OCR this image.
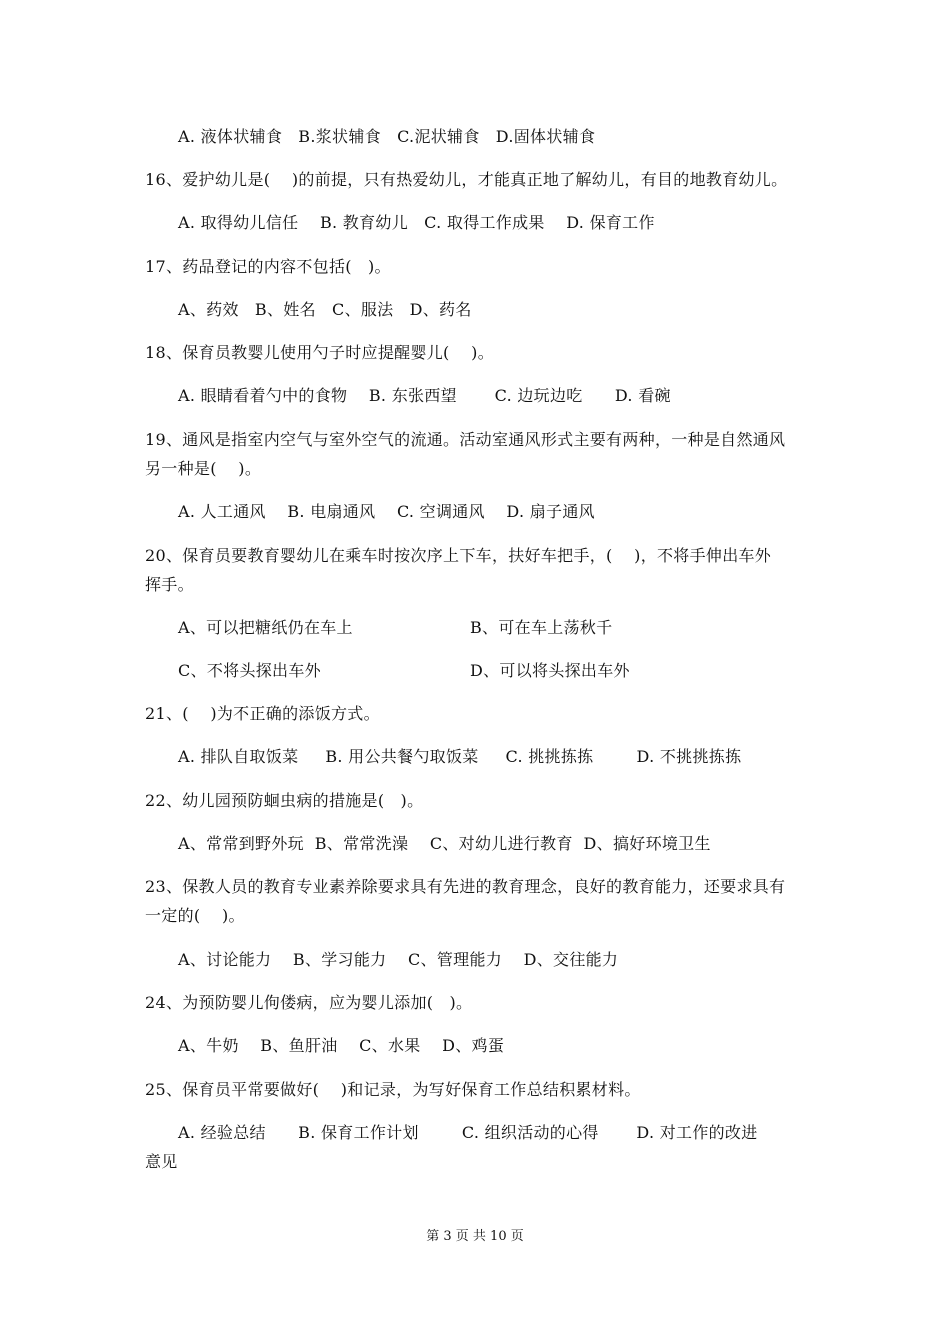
A. 液体状辅食   B.浆状辅食   C.泥状辅食   D.固体状辅食
16、爱护幼儿是(    )的前提，只有热爱幼儿，才能真正地了解幼儿，有目的地教育幼儿。
A. 取得幼儿信任    B. 教育幼儿   C. 取得工作成果    D. 保育工作
17、药品登记的内容不包括(   )。
A、药效   B、姓名   C、服法   D、药名
18、保育员教婴儿使用勺子时应提醒婴儿(    )。
A. 眼睛看着勺中的食物    B. 东张西望       C. 边玩边吃      D. 看碗
19、通风是指室内空气与室外空气的流通。活动室通风形式主要有两种，一种是自然通风
另一种是(    )。
A. 人工通风    B. 电扇通风    C. 空调通风    D. 扇子通风
20、保育员要教育婴幼儿在乘车时按次序上下车，扶好车把手，(    )，不将手伸出车外
挥手。
A、可以把糖纸仍在车上	B、可在车上荡秋千
C、不将头探出车外	D、可以将头探出车外
21、(    )为不正确的添饭方式。
A. 排队自取饭菜     B. 用公共餐勺取饭菜     C. 挑挑拣拣        D. 不挑挑拣拣
22、幼儿园预防蛔虫病的措施是(   )。
A、常常到野外玩  B、常常洗澡    C、对幼儿进行教育  D、搞好环境卫生
23、保教人员的教育专业素养除要求具有先进的教育理念，良好的教育能力，还要求具有
一定的(    )。
A、讨论能力    B、学习能力    C、管理能力    D、交往能力
24、为预防婴儿佝偻病，应为婴儿添加(   )。
A、牛奶    B、鱼肝油    C、水果    D、鸡蛋
25、保育员平常要做好(    )和记录，为写好保育工作总结积累材料。
A. 经验总结      B. 保育工作计划        C. 组织活动的心得       D. 对工作的改进
意见
第 3 页 共 10 页
